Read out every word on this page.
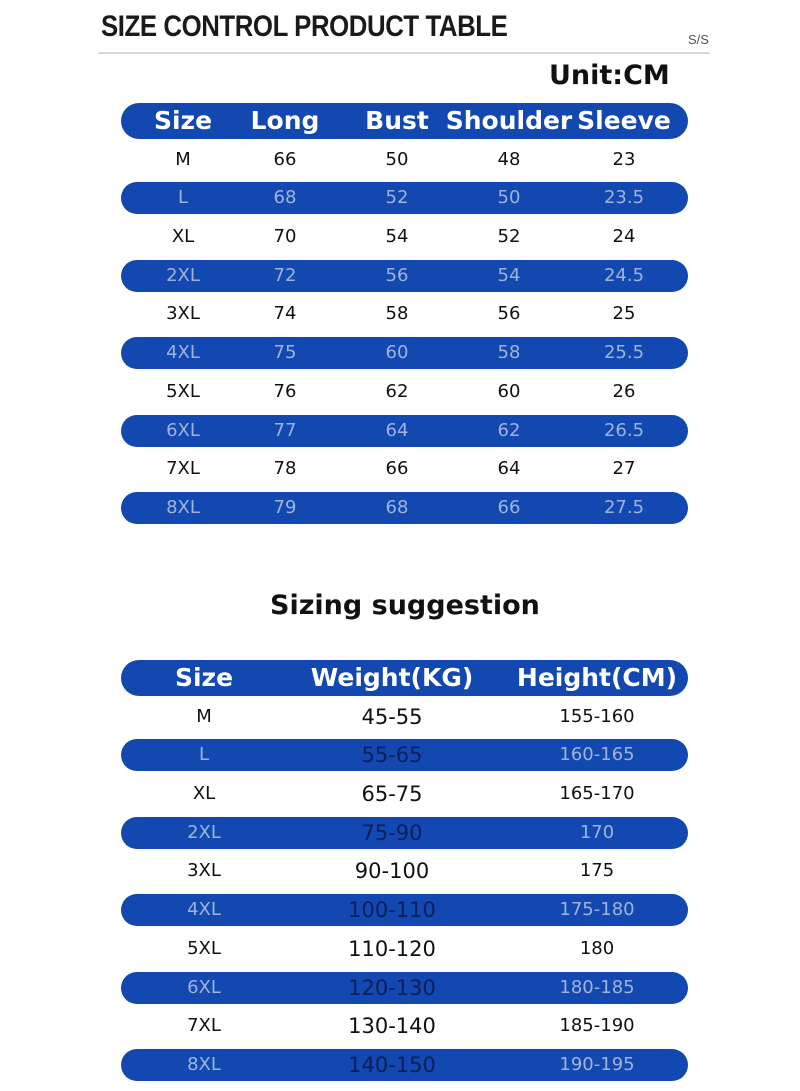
SIZE CONTROL PRODUCT TABLE	S/S
Unit:CM
Size	Long	Bust Shoulder Sleeve
M	66	50	48	23
L	68	52	50	23.5
XL	70	54	52	24
2XL	72	56	54	24.5
3XL	74	58	56	25
4XL	75	60	58	25.5
5XL	76	62	60	26
6XL	77	64	62	26.5
7XL	78	66	64	27
8XL	79	68	66	27.5
Sizing suggestion
Size	Weight(KG)	Height(CM)
M	45-55	155-160
L	55-65	160-165
XL	65-75	165-170
2XL	75-90	170
3XL	90-100	175
4XL	100-110	175-180
5XL	110-120	180
6XL	120-130	180-185
7XL	130-140	185-190
8XL	140-150	190-195
